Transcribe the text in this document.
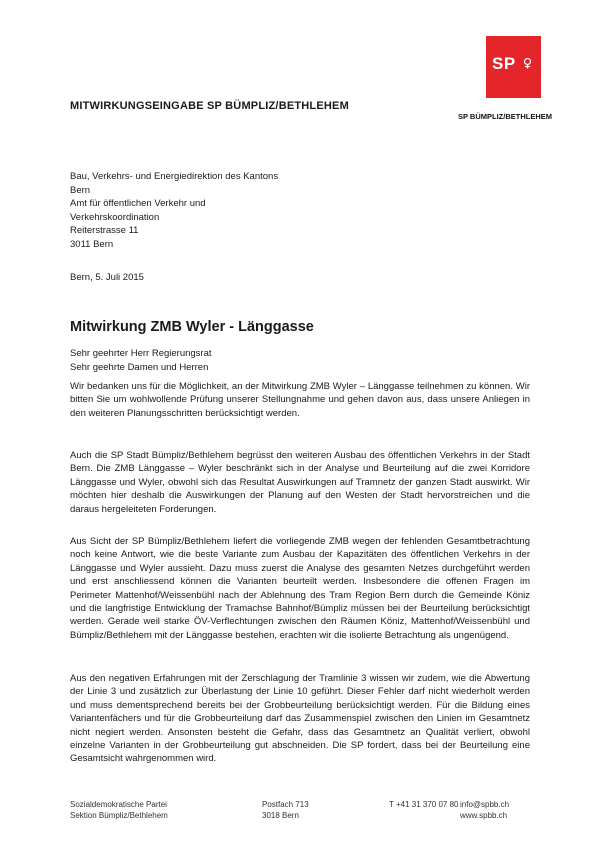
SP
SP BÜMPLIZ/BETHLEHEM
MITWIRKUNGSEINGABE SP BÜMPLIZ/BETHLEHEM
Bau, Verkehrs- und Energiedirektion des Kantons
Bern
Amt für öffentlichen Verkehr und
Verkehrskoordination
Reiterstrasse 11
3011 Bern
Bern, 5. Juli 2015
Mitwirkung ZMB Wyler - Länggasse
Sehr geehrter Herr Regierungsrat
Sehr geehrte Damen und Herren
Wir bedanken uns für die Möglichkeit, an der Mitwirkung ZMB Wyler – Länggasse teilnehmen zu können. Wir bitten Sie um wohlwollende Prüfung unserer Stellungnahme und gehen davon aus, dass unsere Anliegen in den weiteren Planungsschritten berücksichtigt werden.
Auch die SP Stadt Bümpliz/Bethlehem begrüsst den weiteren Ausbau des öffentlichen Verkehrs in der Stadt Bern. Die ZMB Länggasse – Wyler beschränkt sich in der Analyse und Beurteilung auf die zwei Korridore Länggasse und Wyler, obwohl sich das Resultat Auswirkungen auf Tramnetz der ganzen Stadt auswirkt. Wir möchten hier deshalb die Auswirkungen der Planung auf den Westen der Stadt hervorstreichen und die daraus hergeleiteten Forderungen.
Aus Sicht der SP Bümpliz/Bethlehem liefert die vorliegende ZMB wegen der fehlenden Gesamtbetrachtung noch keine Antwort, wie die beste Variante zum Ausbau der Kapazitäten des öffentlichen Verkehrs in der Länggasse und Wyler aussieht. Dazu muss zuerst die Analyse des gesamten Netzes durchgeführt werden und erst anschliessend können die Varianten beurteilt werden. Insbesondere die offenen Fragen im Perimeter Mattenhof/Weissenbühl nach der Ablehnung des Tram Region Bern durch die Gemeinde Köniz und die langfristige Entwicklung der Tramachse Bahnhof/Bümpliz müssen bei der Beurteilung berücksichtigt werden. Gerade weil starke ÖV-Verflechtungen zwischen den Räumen Köniz, Mattenhof/Weissenbühl und Bümpliz/Bethlehem mit der Länggasse bestehen, erachten wir die isolierte Betrachtung als ungenügend.
Aus den negativen Erfahrungen mit der Zerschlagung der Tramlinie 3 wissen wir zudem, wie die Abwertung der Linie 3 und zusätzlich zur Überlastung der Linie 10 geführt. Dieser Fehler darf nicht wiederholt werden und muss dementsprechend bereits bei der Grobbeurteilung berücksichtigt werden. Für die Bildung eines Variantenfächers und für die Grobbeurteilung darf das Zusammenspiel zwischen den Linien im Gesamtnetz nicht negiert werden. Ansonsten besteht die Gefahr, dass das Gesamtnetz an Qualität verliert, obwohl einzelne Varianten in der Grobbeurteilung gut abschneiden. Die SP fordert, dass bei der Beurteilung eine Gesamtsicht wahrgenommen wird.
Sozialdemokratische Partei
Sektion Bümpliz/Bethlehem
Postfach 713
3018 Bern
T +41 31 370 07 80 info@spbb.ch
www.spbb.ch
